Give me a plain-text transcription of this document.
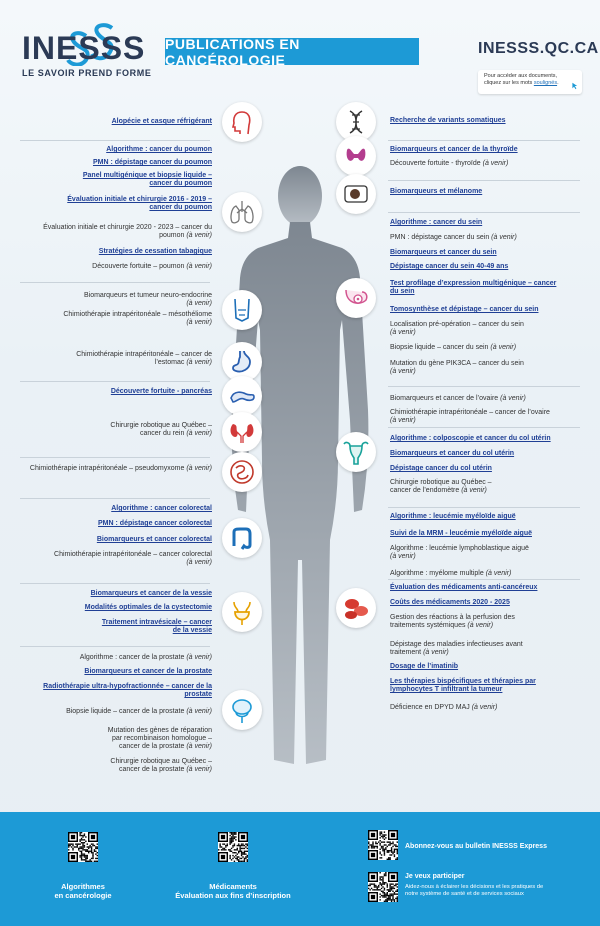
INESSS
LE SAVOIR PREND FORME
PUBLICATIONS EN CANCÉROLOGIE
INESSS.QC.CA
Pour accéder aux documents,
cliquez sur les mots soulignés.
Alopécie et casque réfrigérant
Algorithme : cancer du poumon
PMN : dépistage cancer du poumon
Panel multigénique et biopsie liquide –
cancer du poumon
Évaluation initiale et chirurgie 2016 - 2019 –
cancer du poumon
Évaluation initiale et chirurgie 2020 - 2023 – cancer du
poumon (à venir)
Stratégies de cessation tabagique
Découverte fortuite – poumon (à venir)
Biomarqueurs et tumeur neuro-endocrine
(à venir)
Chimiothérapie intrapéritonéale – mésothéliome
(à venir)
Chimiothérapie intrapéritonéale – cancer de
l’estomac (à venir)
Découverte fortuite - pancréas
Chirurgie robotique au Québec –
cancer du rein (à venir)
Chimiothérapie intrapéritonéale – pseudomyxome (à venir)
Algorithme : cancer colorectal
PMN : dépistage cancer colorectal
Biomarqueurs et cancer colorectal
Chimiothérapie intrapéritonéale – cancer colorectal
(à venir)
Biomarqueurs et cancer de la vessie
Modalités optimales de la cystectomie
Traitement intravésicale – cancer
de la vessie
Algorithme : cancer de la prostate (à venir)
Biomarqueurs et cancer de la prostate
Radiothérapie ultra-hypofractionnée – cancer de la
prostate
Biopsie liquide – cancer de la prostate (à venir)
Mutation des gènes de réparation
par recombinaison homologue –
cancer de la prostate (à venir)
Chirurgie robotique au Québec –
cancer de la prostate (à venir)
Recherche de variants somatiques
Biomarqueurs et cancer de la thyroïde
Découverte fortuite - thyroïde (à venir)
Biomarqueurs et mélanome
Algorithme : cancer du sein
PMN : dépistage cancer du sein (à venir)
Biomarqueurs et cancer du sein
Dépistage cancer du sein 40-49 ans
Test profilage d’expression multigénique – cancer
du sein
Tomosynthèse et dépistage – cancer du sein
Localisation pré-opération – cancer du sein
(à venir)
Biopsie liquide – cancer du sein (à venir)
Mutation du gène PIK3CA – cancer du sein
(à venir)
Biomarqueurs et cancer de l’ovaire (à venir)
Chimiothérapie intrapéritonéale – cancer de l’ovaire
(à venir)
Algorithme : colposcopie et cancer du col utérin
Biomarqueurs et cancer du col utérin
Dépistage cancer du col utérin
Chirurgie robotique au Québec –
cancer de l’endomètre (à venir)
Algorithme : leucémie myéloïde aiguë
Suivi de la MRM - leucémie myéloïde aiguë
Algorithme : leucémie lymphoblastique aiguë
(à venir)
Algorithme : myélome multiple (à venir)
Évaluation des médicaments anti-cancéreux
Coûts des médicaments 2020 - 2025
Gestion des réactions à la perfusion des
traitements systémiques (à venir)
Dépistage des maladies infectieuses avant
traitement (à venir)
Dosage de l’imatinib
Les thérapies bispécifiques et thérapies par
lymphocytes T infiltrant la tumeur
Déficience en DPYD MAJ (à venir)
Algorithmes
en cancérologie
Médicaments
Évaluation aux fins d’inscription
Abonnez-vous au bulletin INESSS Express
Je veux participer
Aidez-nous à éclairer les décisions et les pratiques de
notre système de santé et de services sociaux
